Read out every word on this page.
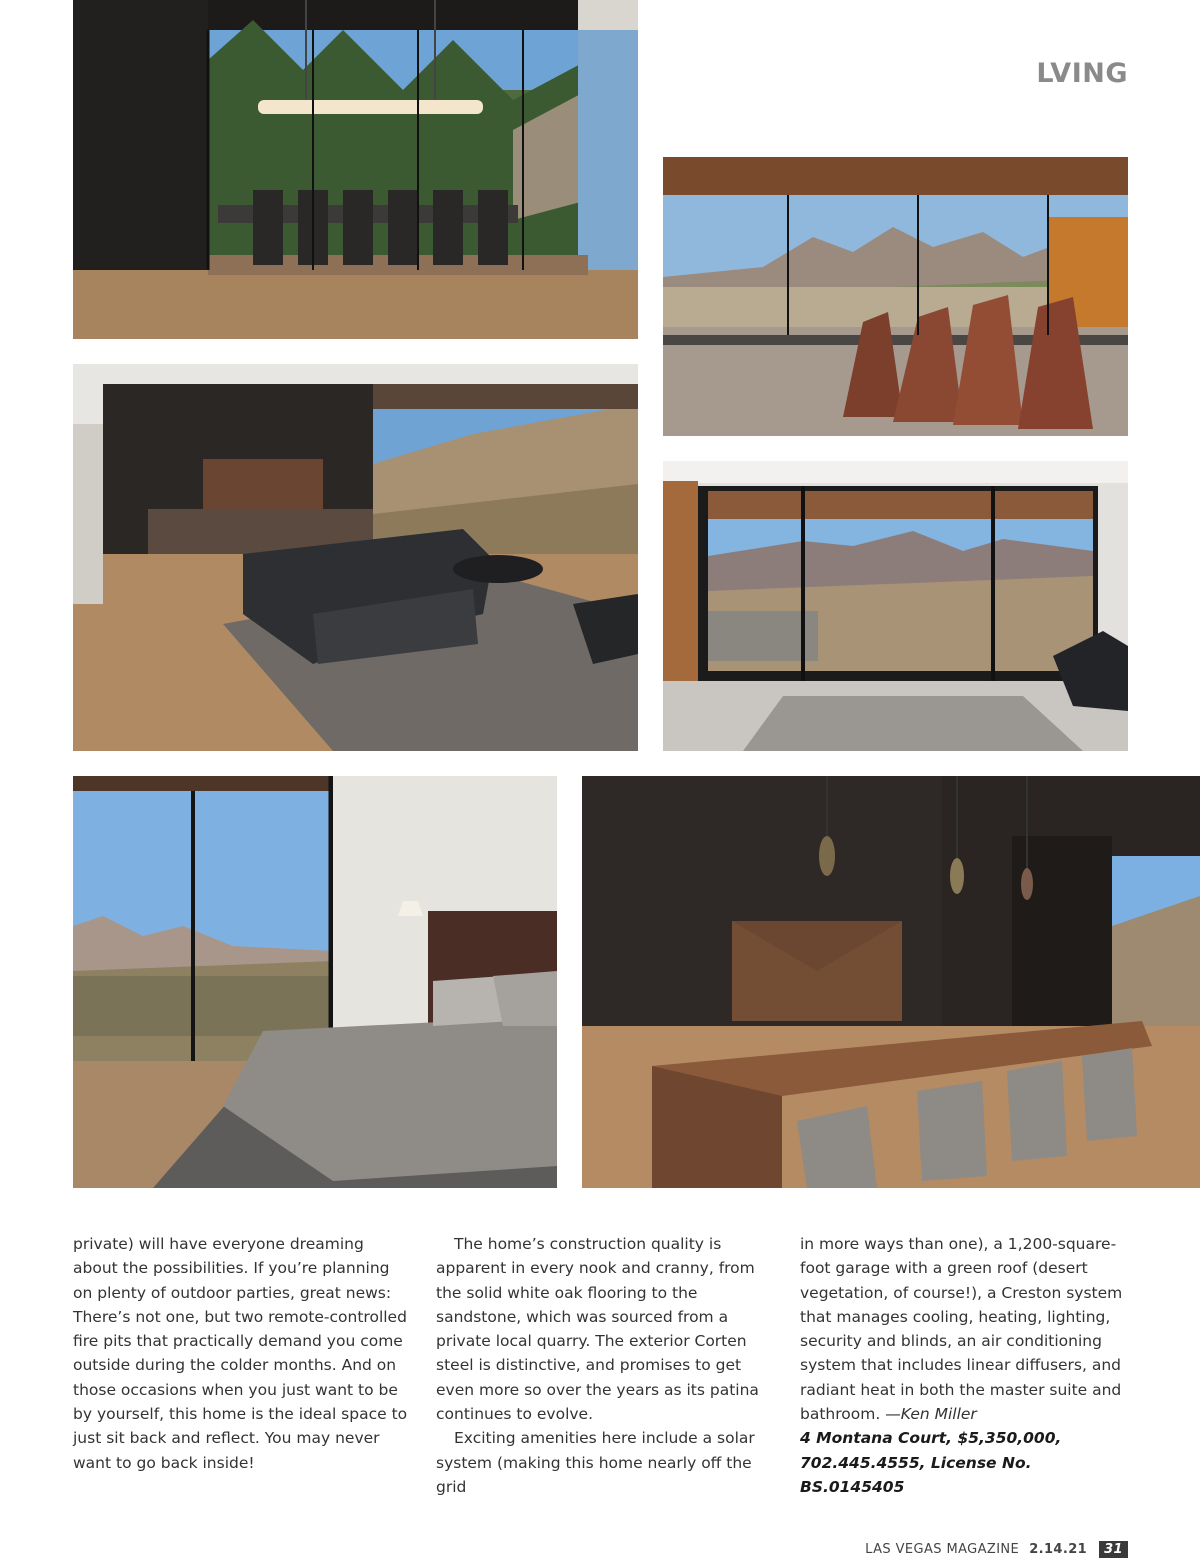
LVING

private) will have everyone dreaming about the possibilities. If you’re planning on plenty of outdoor parties, great news: There’s not one, but two remote-controlled fire pits that practically demand you come outside during the colder months. And on those occasions when you just want to be by yourself, this home is the ideal space to just sit back and reflect. You may never want to go back inside!

The home’s construction quality is apparent in every nook and cranny, from the solid white oak flooring to the sandstone, which was sourced from a private local quarry. The exterior Corten steel is distinctive, and promises to get even more so over the years as its patina continues to evolve.

Exciting amenities here include a solar system (making this home nearly off the grid

in more ways than one), a 1,200-square-foot garage with a green roof (desert vegetation, of course!), a Creston system that manages cooling, heating, lighting, security and blinds, an air conditioning system that includes linear diffusers, and radiant heat in both the master suite and bathroom. —Ken Miller

4 Montana Court, $5,350,000,
702.445.4555, License No. BS.0145405
LAS VEGAS MAGAZINE 2.14.21	31
